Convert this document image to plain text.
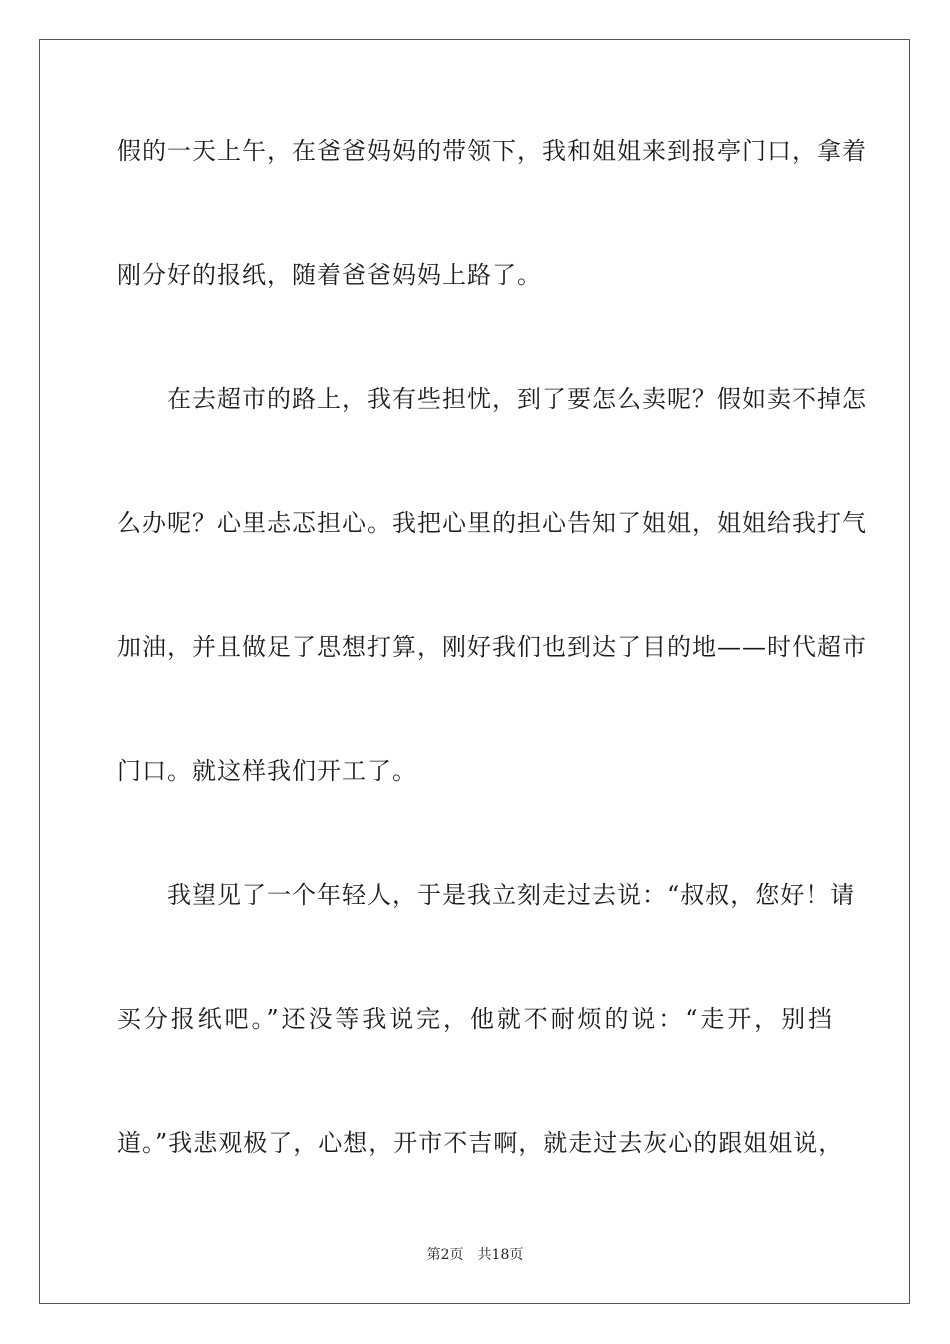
假的一天上午，在爸爸妈妈的带领下，我和姐姐来到报亭门口，拿着
刚分好的报纸，随着爸爸妈妈上路了。
　　在去超市的路上，我有些担忧，到了要怎么卖呢？假如卖不掉怎
么办呢？心里忐忑担心。我把心里的担心告知了姐姐，姐姐给我打气
加油，并且做足了思想打算，刚好我们也到达了目的地——时代超市
门口。就这样我们开工了。
　　我望见了一个年轻人，于是我立刻走过去说：“叔叔，您好！请
买分报纸吧。”还没等我说完，他就不耐烦的说：“走开，别挡
道。”我悲观极了，心想，开市不吉啊，就走过去灰心的跟姐姐说，
第2页　共18页
